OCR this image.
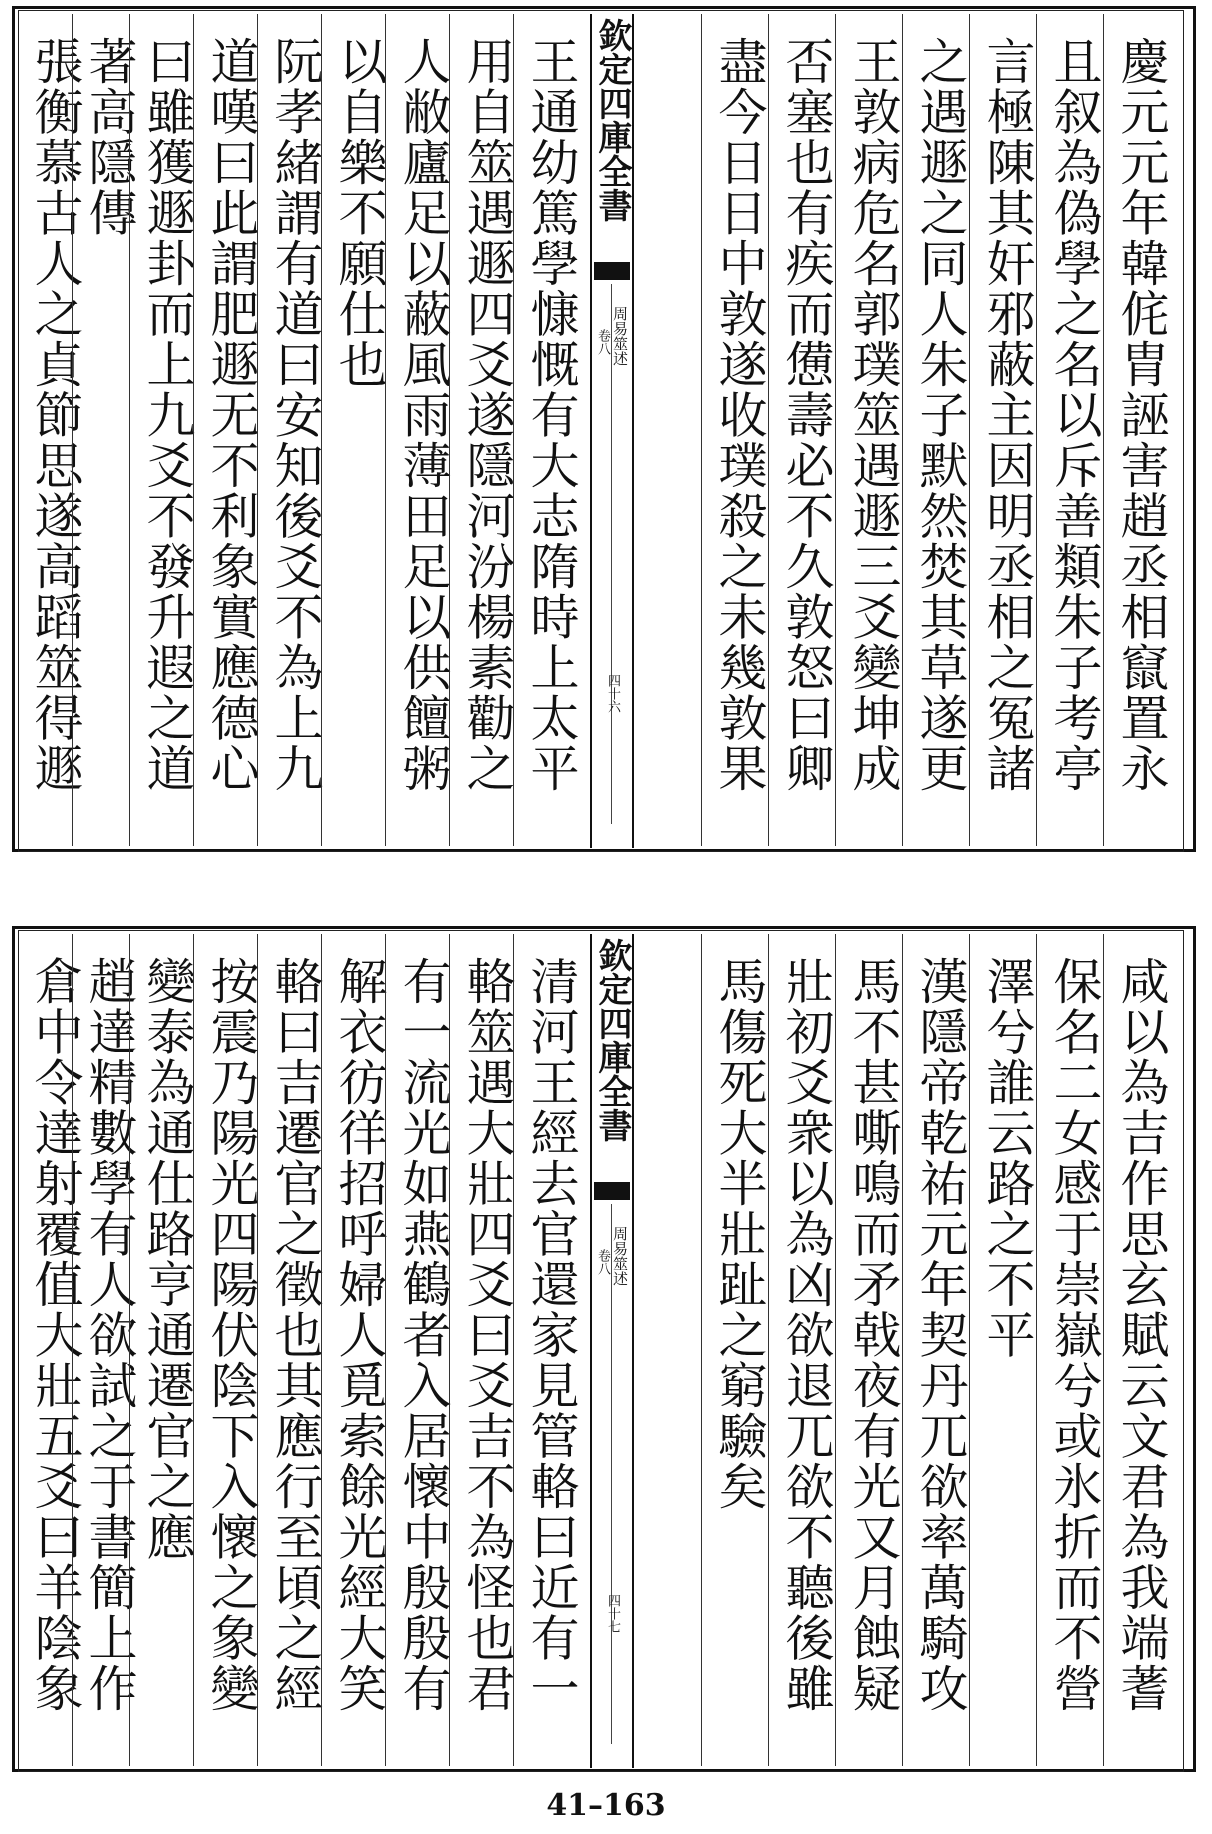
慶元元年韓侂胄誣害趙丞相竄置永
且叙為偽學之名以斥善類朱子考亭
言極陳其奸邪蔽主因明丞相之冤諸
之遇遯之同人朱子默然焚其草遂更
王敦病危名郭璞筮遇遯三爻變坤成
否塞也有疾而憊壽必不久敦怒曰卿
盡今日日中敦遂收璞殺之未幾敦果
欽定四庫全書
周易筮述
卷八
四十六
王通幼篤學慷慨有大志隋時上太平
用自筮遇遯四爻遂隱河汾楊素勸之
人敝廬足以蔽風雨薄田足以供饘粥
以自樂不願仕也
阮孝緒謂有道曰安知後爻不為上九
道嘆曰此謂肥遯无不利象實應德心
曰雖獲遯卦而上九爻不發升遐之道
著高隱傳
張衡慕古人之貞節思遂高蹈筮得遯
咸以為吉作思玄賦云文君為我端蓍
保名二女感于崇嶽兮或氷折而不營
澤兮誰云路之不平
漢隱帝乾祐元年契丹兀欲率萬騎攻
馬不甚嘶鳴而矛戟夜有光又月蝕疑
壯初爻衆以為凶欲退兀欲不聽後雖
馬傷死大半壯趾之窮驗矣
欽定四庫全書
周易筮述
卷八
四十七
清河王經去官還家見管輅曰近有一
輅筮遇大壯四爻曰爻吉不為怪也君
有一流光如燕鶴者入居懷中殷殷有
解衣彷徉招呼婦人覓索餘光經大笑
輅曰吉遷官之徵也其應行至頃之經
按震乃陽光四陽伏陰下入懷之象變
變泰為通仕路亨通遷官之應
趙達精數學有人欲試之于書簡上作
倉中令達射覆值大壯五爻曰羊陰象
41–163
